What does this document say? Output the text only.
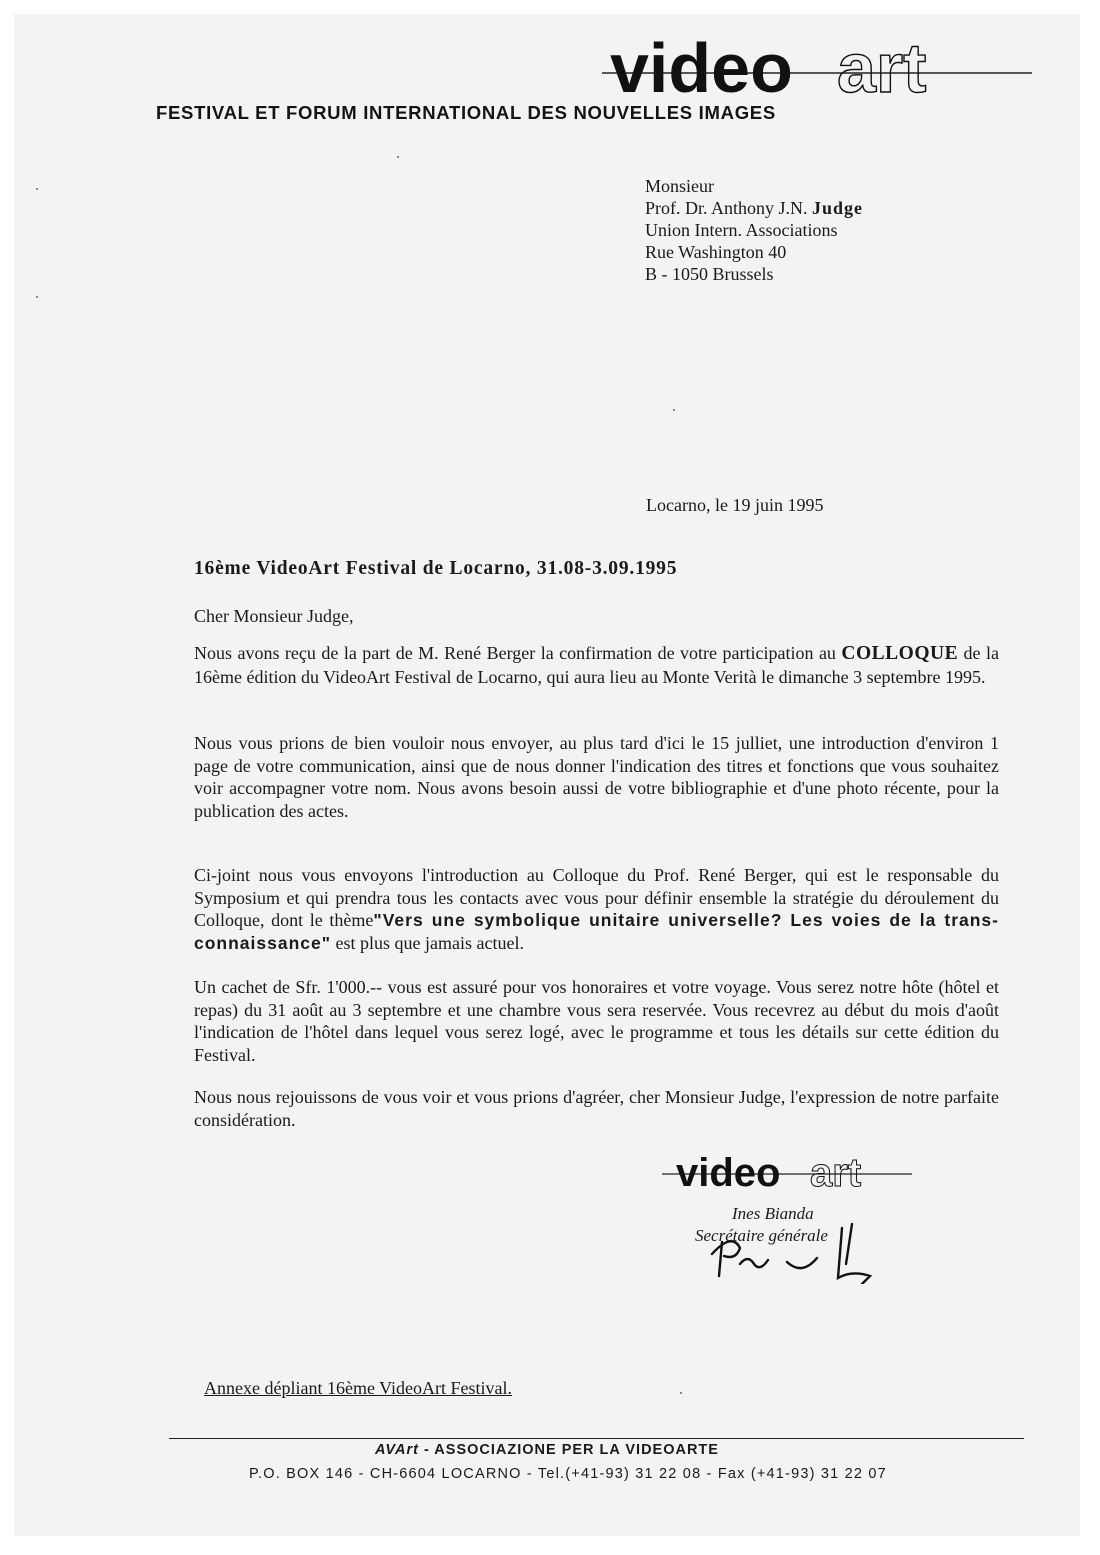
video art
FESTIVAL ET FORUM INTERNATIONAL DES NOUVELLES IMAGES
Monsieur
Prof. Dr. Anthony J.N. Judge
Union Intern. Associations
Rue Washington 40
B - 1050 Brussels
Locarno, le 19 juin 1995
16ème VideoArt Festival de Locarno, 31.08-3.09.1995
Cher Monsieur Judge,
Nous avons reçu de la part de M. René Berger la confirmation de votre participation au COLLOQUE de la 16ème édition du VideoArt Festival de Locarno, qui aura lieu au Monte Verità le dimanche 3 septembre 1995.
Nous vous prions de bien vouloir nous envoyer, au plus tard d'ici le 15 julliet, une introduction d'environ 1 page de votre communication, ainsi que de nous donner l'indication des titres et fonctions que vous souhaitez voir accompagner votre nom. Nous avons besoin aussi de votre bibliographie et d'une photo récente, pour la publication des actes.
Ci-joint nous vous envoyons l'introduction au Colloque du Prof. René Berger, qui est le responsable du Symposium et qui prendra tous les contacts avec vous pour définir ensemble la stratégie du déroulement du Colloque, dont le thème"Vers une symbolique unitaire universelle? Les voies de la trans-connaissance" est plus que jamais actuel.
Un cachet de Sfr. 1'000.-- vous est assuré pour vos honoraires et votre voyage. Vous serez notre hôte (hôtel et repas) du 31 août au 3 septembre et une chambre vous sera reservée. Vous recevrez au début du mois d'août l'indication de l'hôtel dans lequel vous serez logé, avec le programme et tous les détails sur cette édition du Festival.
Nous nous rejouissons de vous voir et vous prions d'agréer, cher Monsieur Judge, l'expression de notre parfaite considération.
video art
Ines Bianda
Secrétaire générale
Annexe dépliant 16ème VideoArt Festival.
AVArt - ASSOCIAZIONE PER LA VIDEOARTE
P.O. BOX 146 - CH-6604 LOCARNO - Tel.(+41-93) 31 22 08 - Fax (+41-93) 31 22 07
